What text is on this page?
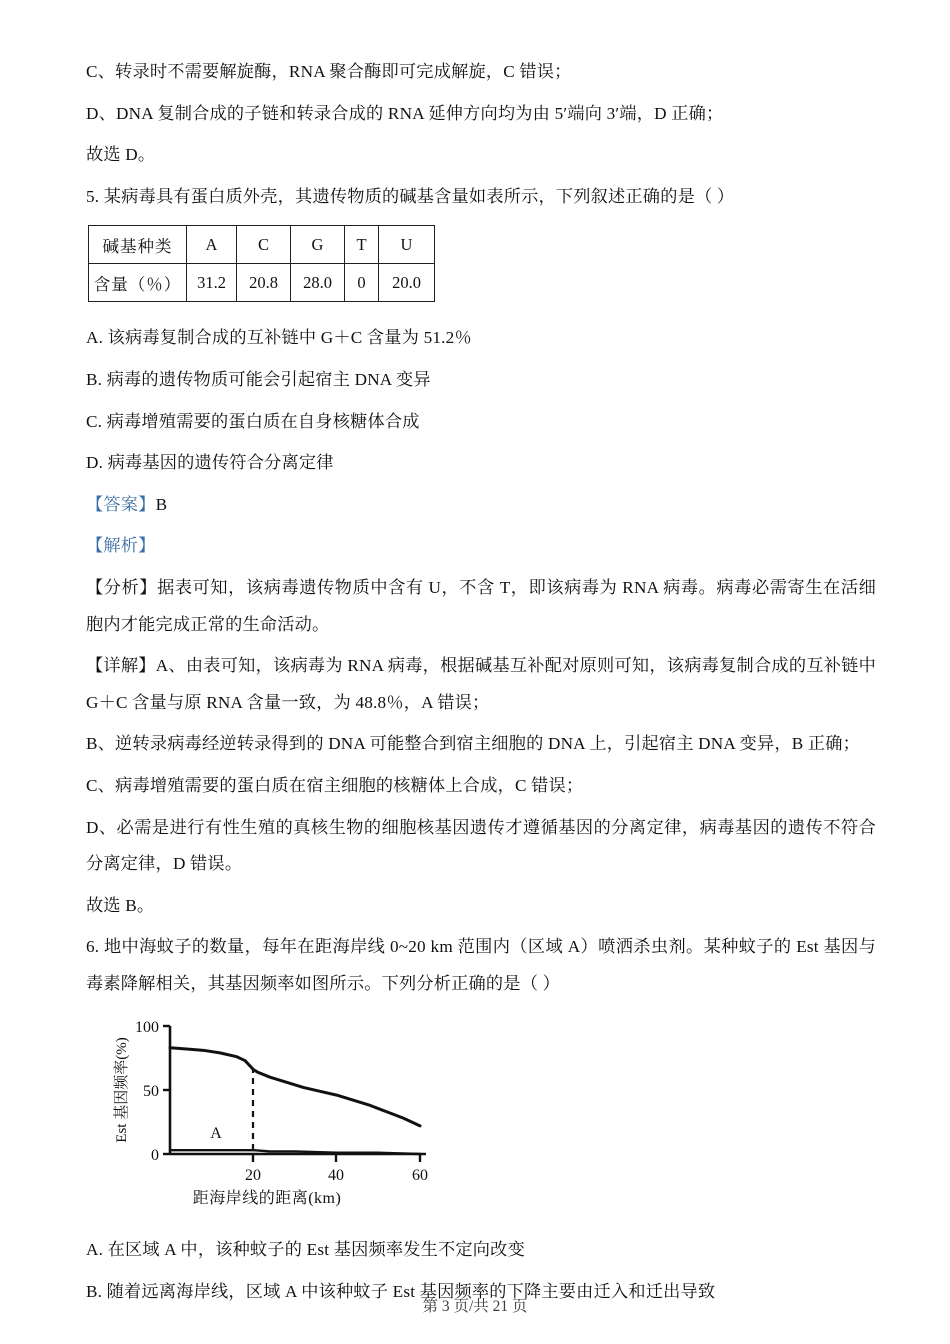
C、转录时不需要解旋酶，RNA 聚合酶即可完成解旋，C 错误；

D、DNA 复制合成的子链和转录合成的 RNA 延伸方向均为由 5′端向 3′端，D 正确；

故选 D。

5. 某病毒具有蛋白质外壳，其遗传物质的碱基含量如表所示，下列叙述正确的是（ ）

碱基种类	A	C	G	T	U
含量（％）	31.2	20.8	28.0	0	20.0

A. 该病毒复制合成的互补链中 G＋C 含量为 51.2％

B. 病毒的遗传物质可能会引起宿主 DNA 变异

C. 病毒增殖需要的蛋白质在自身核糖体合成

D. 病毒基因的遗传符合分离定律

【答案】B

【解析】

【分析】据表可知，该病毒遗传物质中含有 U，不含 T，即该病毒为 RNA 病毒。病毒必需寄生在活细胞内才能完成正常的生命活动。

【详解】A、由表可知，该病毒为 RNA 病毒，根据碱基互补配对原则可知，该病毒复制合成的互补链中 G＋C 含量与原 RNA 含量一致，为 48.8％，A 错误；

B、逆转录病毒经逆转录得到的 DNA 可能整合到宿主细胞的 DNA 上，引起宿主 DNA 变异，B 正确；

C、病毒增殖需要的蛋白质在宿主细胞的核糖体上合成，C 错误；

D、必需是进行有性生殖的真核生物的细胞核基因遗传才遵循基因的分离定律，病毒基因的遗传不符合分离定律，D 错误。

故选 B。

6. 地中海蚊子的数量，每年在距海岸线 0~20 km 范围内（区域 A）喷洒杀虫剂。某种蚊子的 Est 基因与毒素降解相关，其基因频率如图所示。下列分析正确的是（ ）

100
50
0
20	40	60
Est 基因频率(%)	A
距海岸线的距离(km)

A. 在区域 A 中，该种蚊子的 Est 基因频率发生不定向改变

B. 随着远离海岸线，区域 A 中该种蚊子 Est 基因频率的下降主要由迁入和迁出导致

第 3 页/共 21 页
